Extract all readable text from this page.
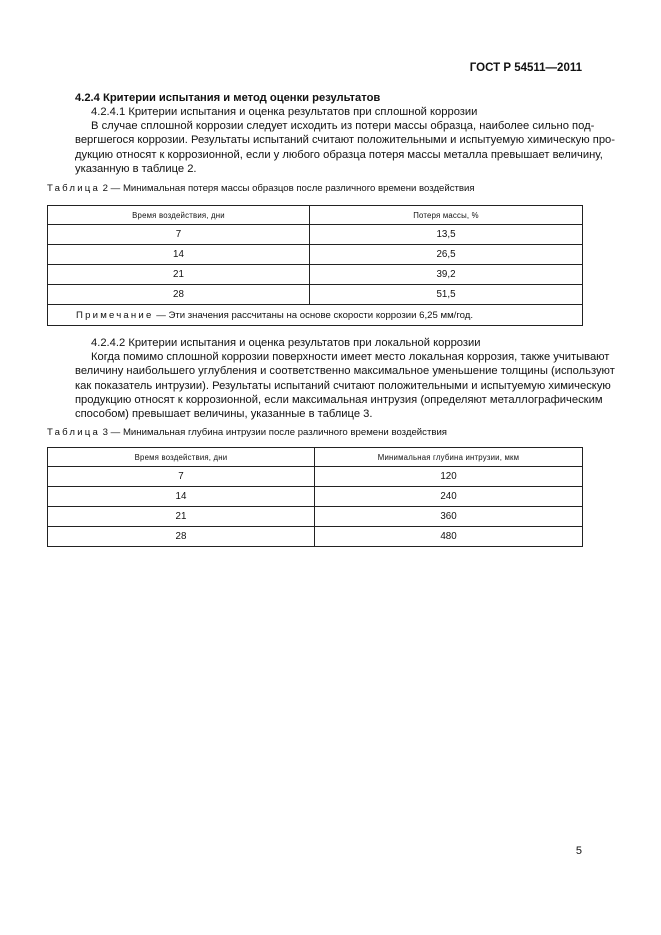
ГОСТ Р 54511—2011
4.2.4 Критерии испытания и метод оценки результатов
4.2.4.1 Критерии испытания и оценка результатов при сплошной коррозии
В случае сплошной коррозии следует исходить из потери массы образца, наиболее сильно под-
вергшегося коррозии. Результаты испытаний считают положительными и испытуемую химическую про-
дукцию относят к коррозионной, если у любого образца потеря массы металла превышает величину,
указанную в таблице 2.
Таблица 2 — Минимальная потеря массы образцов после различного времени воздействия
Время воздействия, дни	Потеря массы, %
7	13,5
14	26,5
21	39,2
28	51,5
Примечание — Эти значения рассчитаны на основе скорости коррозии 6,25 мм/год.	
4.2.4.2 Критерии испытания и оценка результатов при локальной коррозии
Когда помимо сплошной коррозии поверхности имеет место локальная коррозия, также учитывают
величину наибольшего углубления и соответственно максимальное уменьшение толщины (используют
как показатель интрузии). Результаты испытаний считают положительными и испытуемую химическую
продукцию относят к коррозионной, если максимальная интрузия (определяют металлографическим
способом) превышает величины, указанные в таблице 3.
Таблица 3 — Минимальная глубина интрузии после различного времени воздействия
Время воздействия, дни	Минимальная глубина интрузии, мкм
7	120
14	240
21	360
28	480
5
